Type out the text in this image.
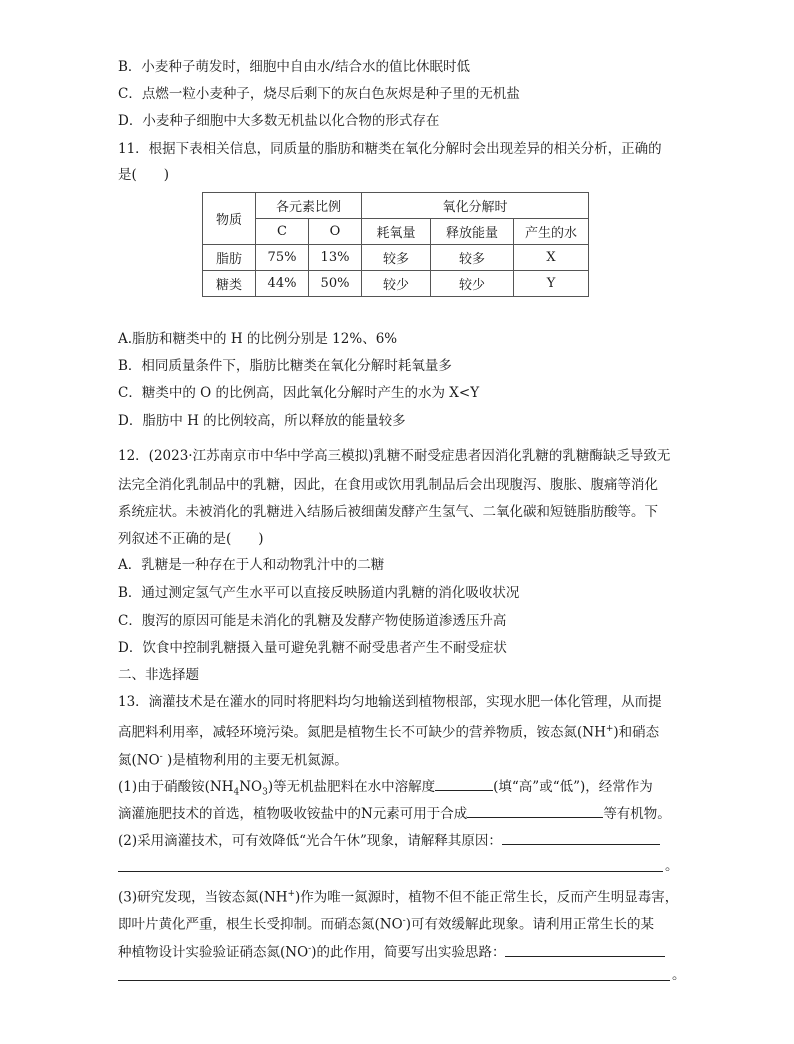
B．小麦种子萌发时，细胞中自由水/结合水的值比休眠时低
C．点燃一粒小麦种子，烧尽后剩下的灰白色灰烬是种子里的无机盐
D．小麦种子细胞中大多数无机盐以化合物的形式存在
11．根据下表相关信息，同质量的脂肪和糖类在氧化分解时会出现差异的相关分析，正确的
是(　　)
物质	各元素比例		氧化分解时		
	C	O	耗氧量	释放能量	产生的水
脂肪	75%	13%	较多	较多	X
糖类	44%	50%	较少	较少	Y
A.脂肪和糖类中的 H 的比例分别是 12%、6%
B．相同质量条件下，脂肪比糖类在氧化分解时耗氧量多
C．糖类中的 O 的比例高，因此氧化分解时产生的水为 X<Y
D．脂肪中 H 的比例较高，所以释放的能量较多
12．(2023·江苏南京市中华中学高三模拟)乳糖不耐受症患者因消化乳糖的乳糖酶缺乏导致无
法完全消化乳制品中的乳糖，因此，在食用或饮用乳制品后会出现腹泻、腹胀、腹痛等消化
系统症状。未被消化的乳糖进入结肠后被细菌发酵产生氢气、二氧化碳和短链脂肪酸等。下
列叙述不正确的是(　　)
A．乳糖是一种存在于人和动物乳汁中的二糖
B．通过测定氢气产生水平可以直接反映肠道内乳糖的消化吸收状况
C．腹泻的原因可能是未消化的乳糖及发酵产物使肠道渗透压升高
D．饮食中控制乳糖摄入量可避免乳糖不耐受患者产生不耐受症状
二、非选择题
13．滴灌技术是在灌水的同时将肥料均匀地输送到植物根部，实现水肥一体化管理，从而提
高肥料利用率，减轻环境污染。氮肥是植物生长不可缺少的营养物质，铵态氮(NH+)和硝态
氮(NO- )是植物利用的主要无机氮源。
(1)由于硝酸铵$(NH_4NO_3)$等无机盐肥料在水中溶解度	(填“高”或“低”)，经常作为
滴灌施肥技术的首选，植物吸收铵盐中的N元素可用于合成	等有机物。
(2)采用滴灌技术，可有效降低“光合午休”现象，请解释其原因：
。
(3)研究发现，当铵态氮(NH+)作为唯一氮源时，植物不但不能正常生长，反而产生明显毒害，
即叶片黄化严重，根生长受抑制。而硝态氮(NO-)可有效缓解此现象。请利用正常生长的某
种植物设计实验验证硝态氮(NO-)的此作用，简要写出实验思路：
。
